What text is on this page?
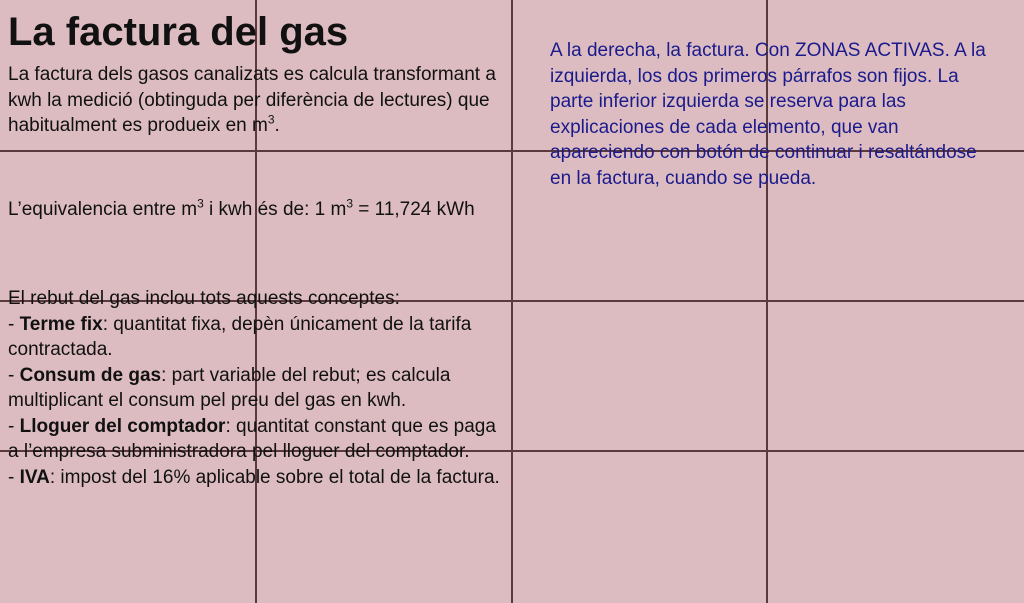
La factura del gas
La factura dels gasos canalizats es calcula transformant a kwh la medició (obtinguda per diferència de lectures) que habitualment es produeix en $m^3$.
L’equivalencia entre $m^3$ i kwh és de: 1 $m^3 = 11,724$ kWh
El rebut del gas inclou tots aquests conceptes:
- Terme fix: quantitat fixa, depèn únicament de la tarifa contractada.
- Consum de gas: part variable del rebut; es calcula multiplicant el consum pel preu del gas en kwh.
- Lloguer del comptador: quantitat constant que es paga a l’empresa subministradora pel lloguer del comptador.
- IVA: impost del 16% aplicable sobre el total de la factura.
A la derecha, la factura. Con ZONAS ACTIVAS. A la izquierda, los dos primeros párrafos son fijos. La parte inferior izquierda se reserva para las explicaciones de cada elemento, que van apareciendo con botón de continuar i resaltándose en la factura, cuando se pueda.
